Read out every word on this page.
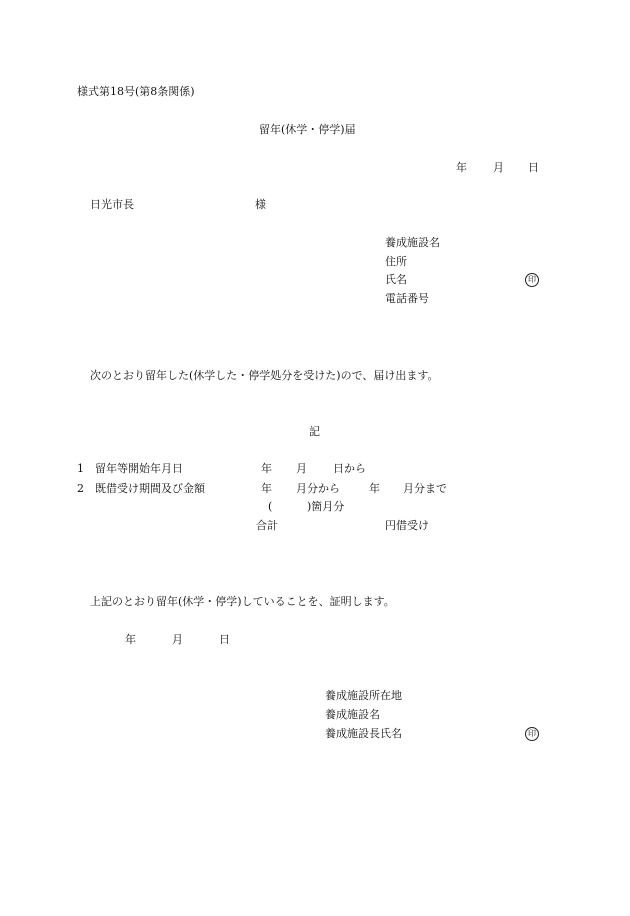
様式第18号(第8条関係)
留年(休学・停学)届
年 月 日
日光市長	様
養成施設名
住所
氏名	印
電話番号
次のとおり留年した(休学した・停学処分を受けた)ので、届け出ます。
記
1 留年等開始年月日	年 月 日から
2 既借受け期間及び金額	年 月分から	年 月分まで
(	)箇月分
合計	円借受け
上記のとおり留年(休学・停学)していることを、証明します。
年	月	日
養成施設所在地
養成施設名
養成施設長氏名	印
